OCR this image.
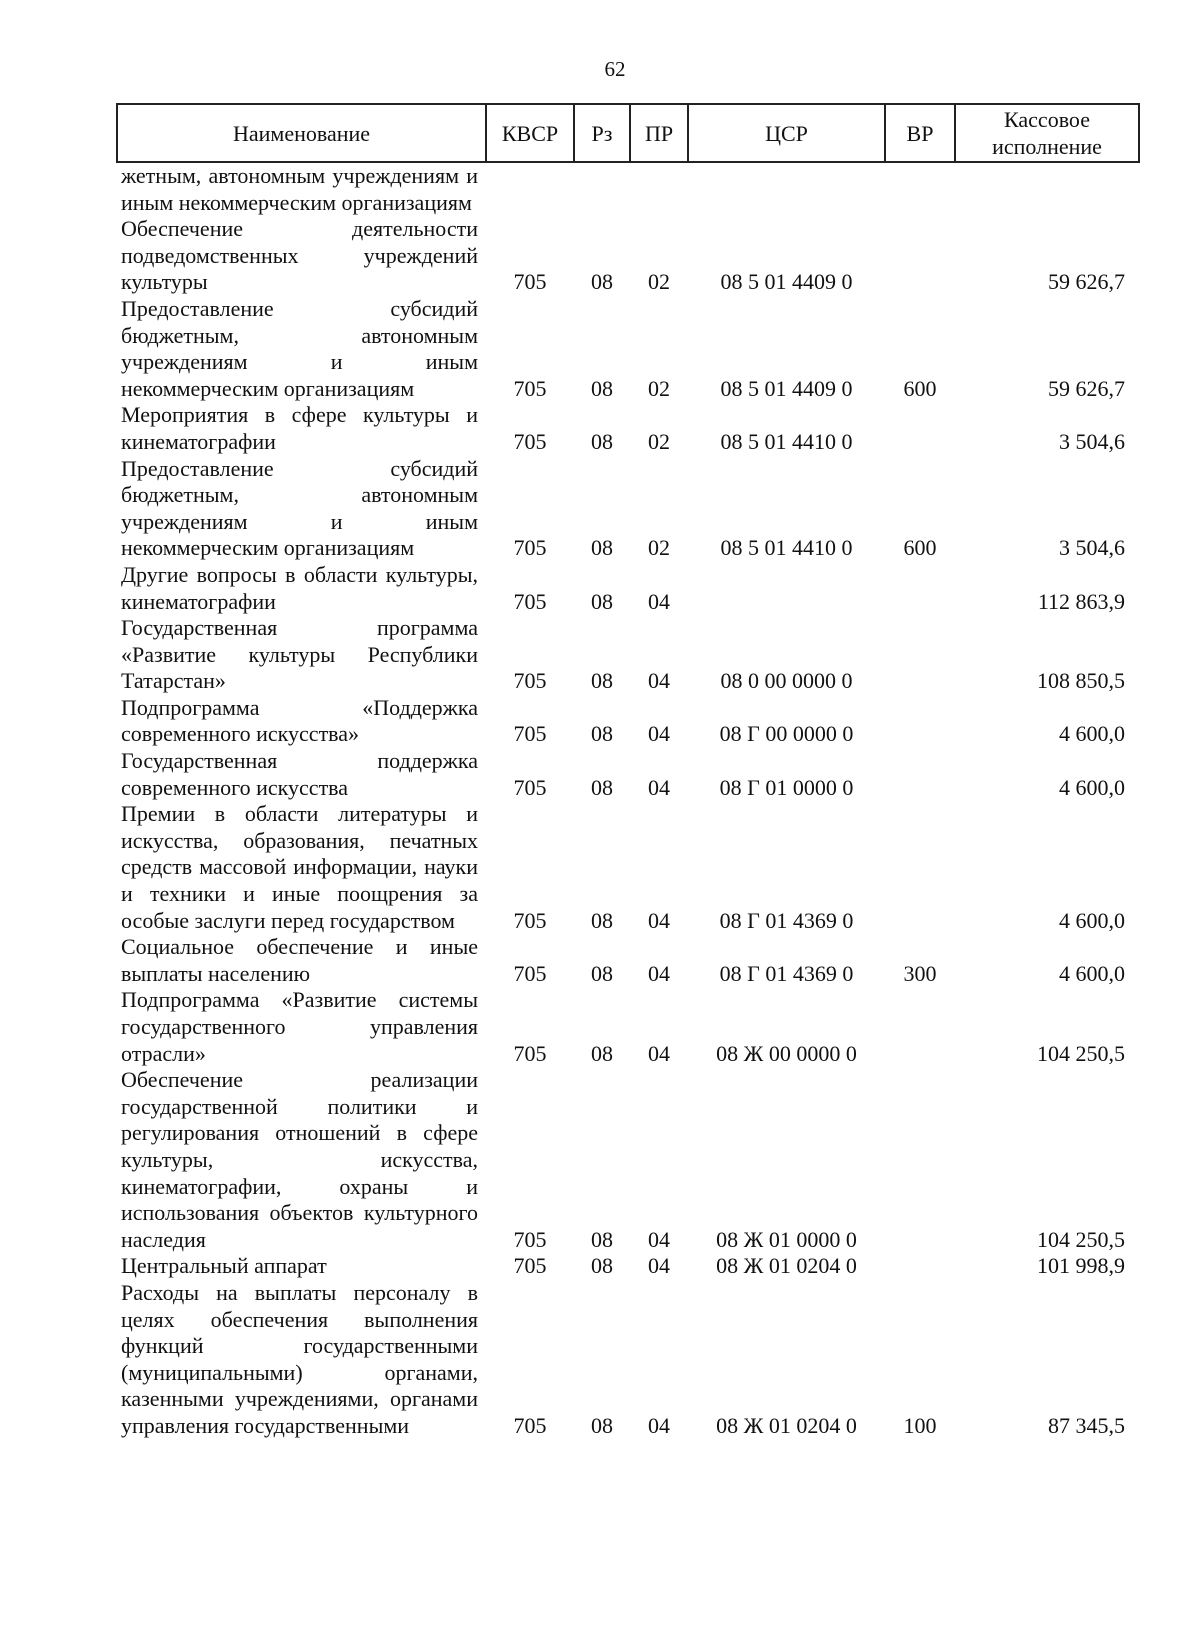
62
Наименование	КВСР	Рз	ПР	ЦСР	ВР	Кассовое исполнение
жетным, автономным учреждениям и иным некоммерческим организациям						
Обеспечение деятельности подведомственных учреждений культуры	705	08	02	08 5 01 4409 0		59 626,7
Предоставление субсидий бюджетным, автономным учреждениям и иным некоммерческим организациям	705	08	02	08 5 01 4409 0	600	59 626,7
Мероприятия в сфере культуры и кинематографии	705	08	02	08 5 01 4410 0		3 504,6
Предоставление субсидий бюджетным, автономным учреждениям и иным некоммерческим организациям	705	08	02	08 5 01 4410 0	600	3 504,6
Другие вопросы в области культуры, кинематографии	705	08	04			112 863,9
Государственная программа «Развитие культуры Республики Татарстан»	705	08	04	08 0 00 0000 0		108 850,5
Подпрограмма «Поддержка современного искусства»	705	08	04	08 Г 00 0000 0		4 600,0
Государственная поддержка современного искусства	705	08	04	08 Г 01 0000 0		4 600,0
Премии в области литературы и искусства, образования, печатных средств массовой информации, науки и техники и иные поощрения за особые заслуги перед государством	705	08	04	08 Г 01 4369 0		4 600,0
Социальное обеспечение и иные выплаты населению	705	08	04	08 Г 01 4369 0	300	4 600,0
Подпрограмма «Развитие системы государственного управления отрасли»	705	08	04	08 Ж 00 0000 0		104 250,5
Обеспечение реализации государственной политики и регулирования отношений в сфере культуры, искусства, кинематографии, охраны и использования объектов культурного наследия	705	08	04	08 Ж 01 0000 0		104 250,5
Центральный аппарат	705	08	04	08 Ж 01 0204 0		101 998,9
Расходы на выплаты персоналу в целях обеспечения выполнения функций государственными (муниципальными) органами, казенными учреждениями, органами управления государственными	705	08	04	08 Ж 01 0204 0	100	87 345,5
